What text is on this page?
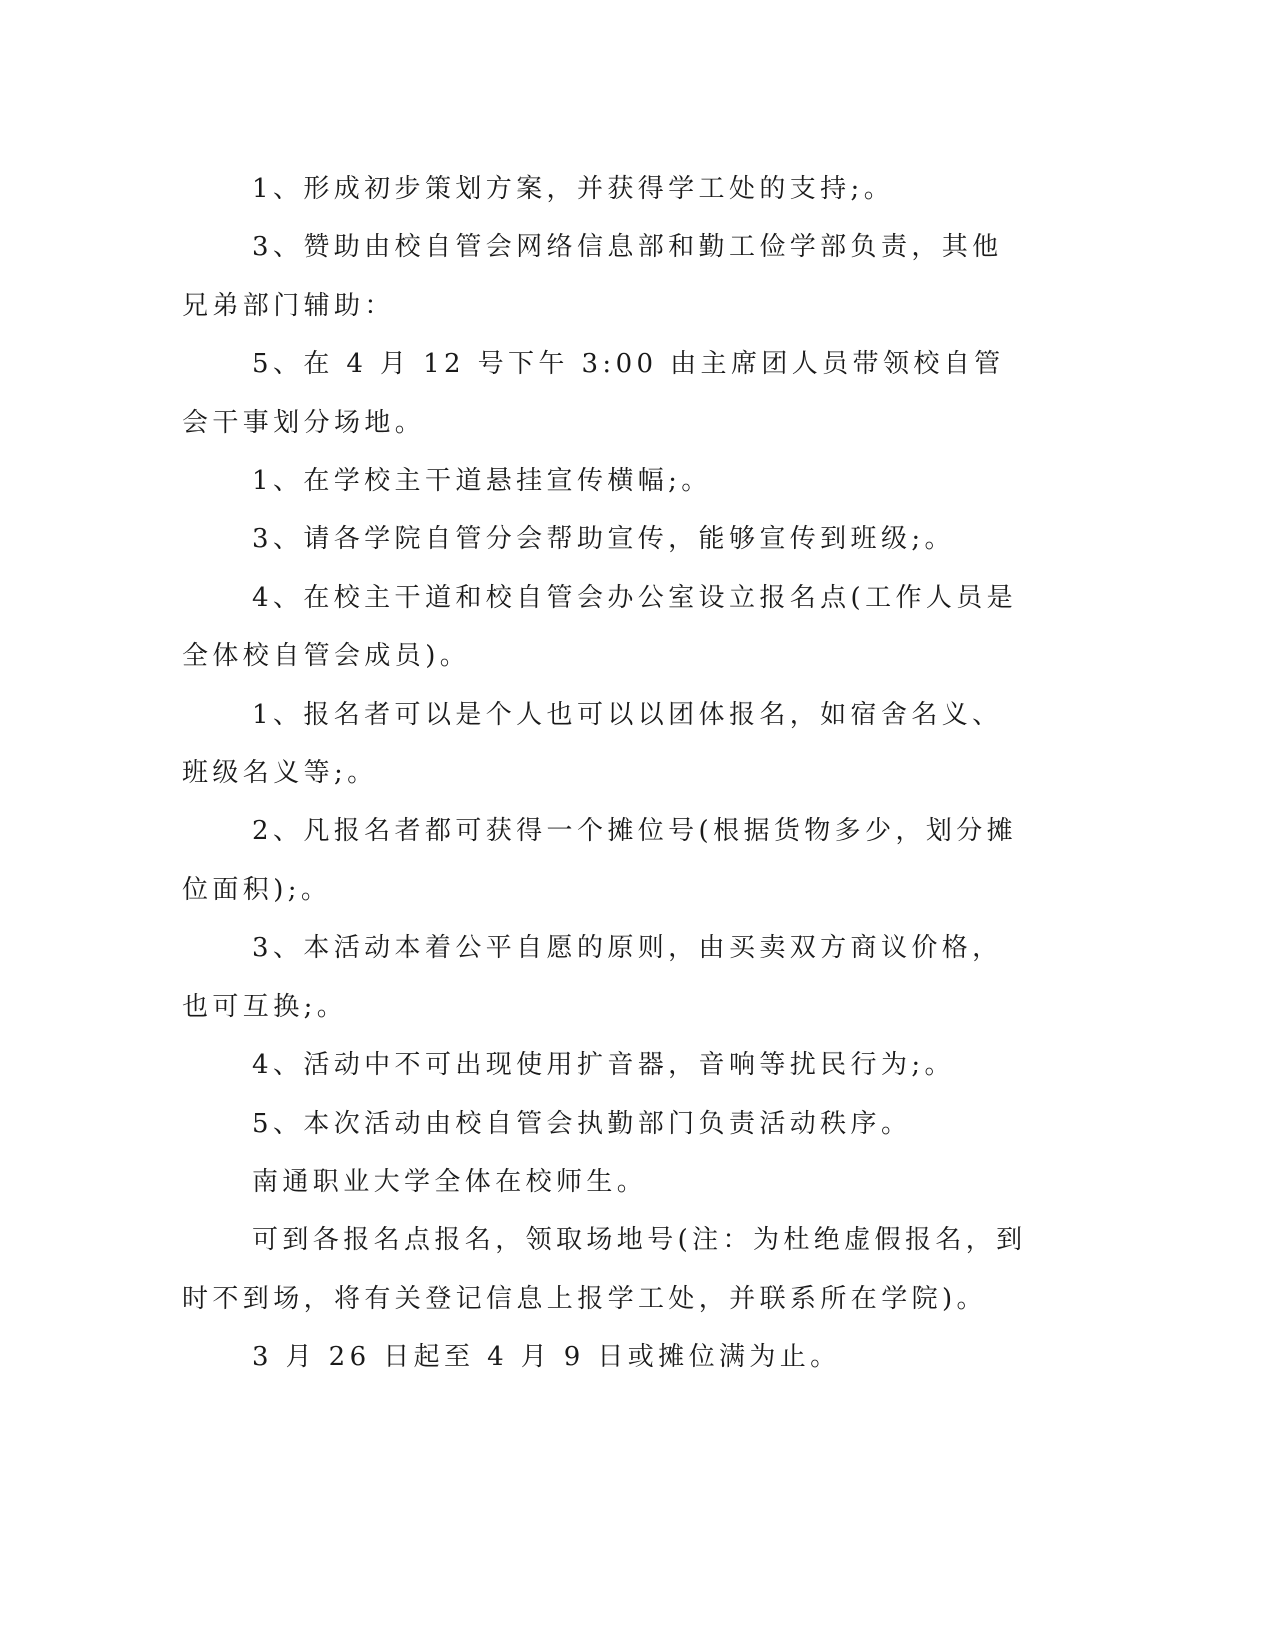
1、形成初步策划方案，并获得学工处的支持;。

3、赞助由校自管会网络信息部和勤工俭学部负责，其他兄弟部门辅助：

5、在 4 月 12 号下午 3:00 由主席团人员带领校自管会干事划分场地。

1、在学校主干道悬挂宣传横幅;。

3、请各学院自管分会帮助宣传，能够宣传到班级;。

4、在校主干道和校自管会办公室设立报名点(工作人员是全体校自管会成员)。

1、报名者可以是个人也可以以团体报名，如宿舍名义、班级名义等;。

2、凡报名者都可获得一个摊位号(根据货物多少，划分摊位面积);。

3、本活动本着公平自愿的原则，由买卖双方商议价格，也可互换;。

4、活动中不可出现使用扩音器，音响等扰民行为;。

5、本次活动由校自管会执勤部门负责活动秩序。

南通职业大学全体在校师生。

可到各报名点报名，领取场地号(注：为杜绝虚假报名，到时不到场，将有关登记信息上报学工处，并联系所在学院)。

3 月 26 日起至 4 月 9 日或摊位满为止。
